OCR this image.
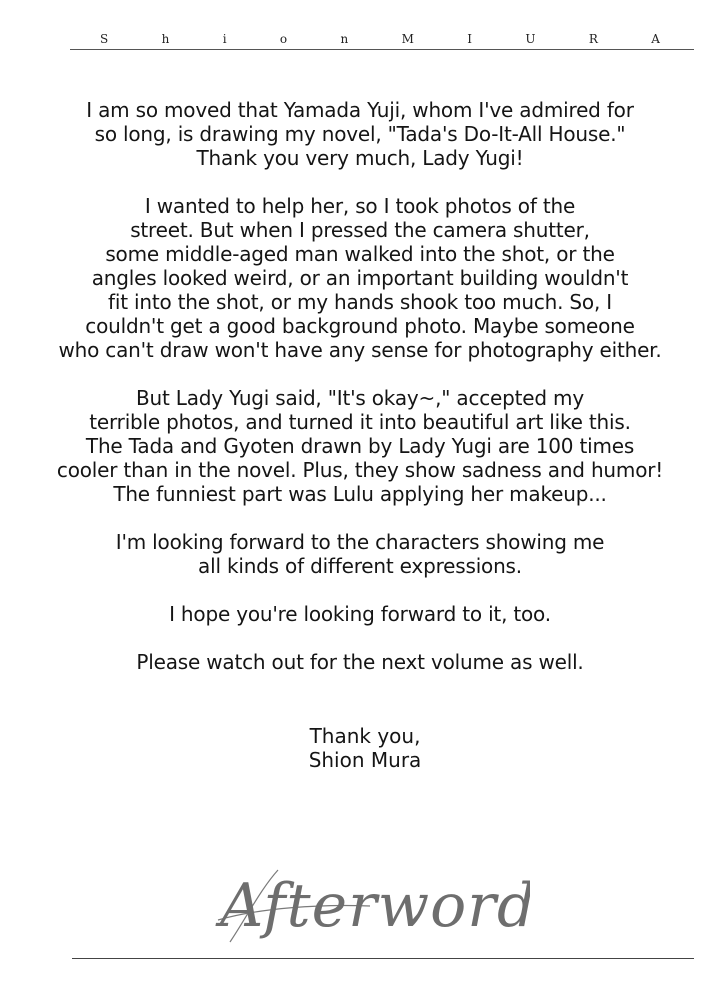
S	h	i	o	n	M	I	U	R	A

I am so moved that Yamada Yuji, whom I've admired for
so long, is drawing my novel, "Tada's Do-It-All House."
Thank you very much, Lady Yugi!

I wanted to help her, so I took photos of the
street. But when I pressed the camera shutter,
some middle-aged man walked into the shot, or the
angles looked weird, or an important building wouldn't
fit into the shot, or my hands shook too much. So, I
couldn't get a good background photo. Maybe someone
who can't draw won't have any sense for photography either.

But Lady Yugi said, "It's okay~," accepted my
terrible photos, and turned it into beautiful art like this.
The Tada and Gyoten drawn by Lady Yugi are 100 times
cooler than in the novel. Plus, they show sadness and humor!
The funniest part was Lulu applying her makeup...

I'm looking forward to the characters showing me
all kinds of different expressions.

I hope you're looking forward to it, too.

Please watch out for the next volume as well.

Thank you,
Shion Mura
Afterword
